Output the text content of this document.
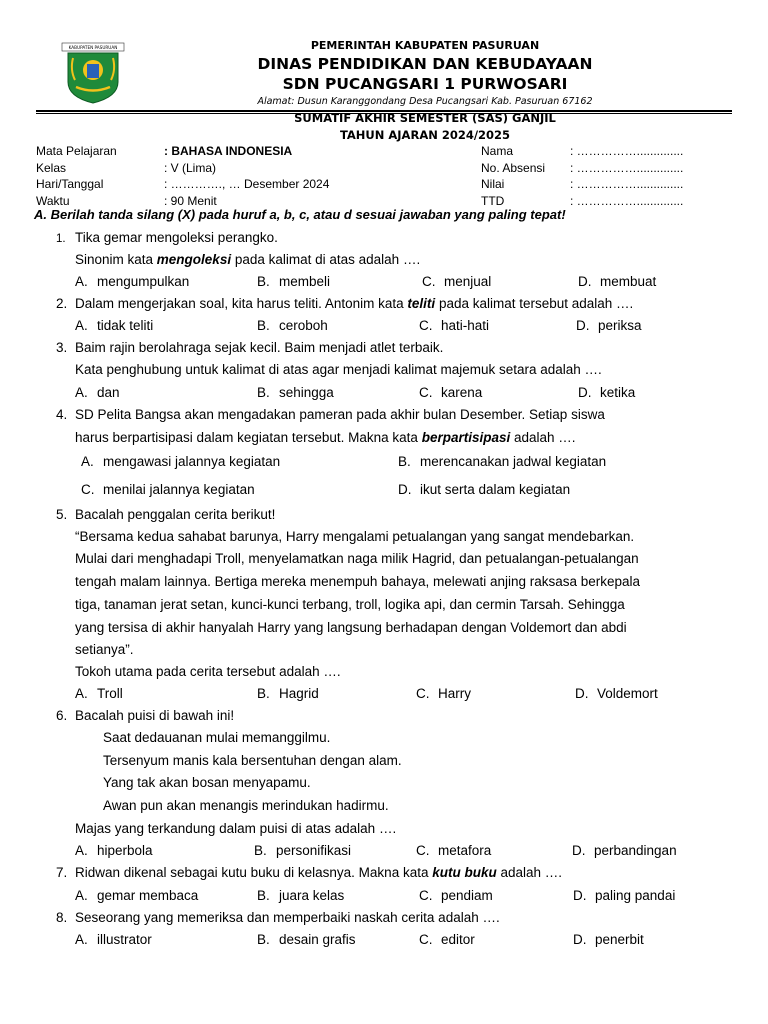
KABUPATEN PASURUAN	PEMERINTAH KABUPATEN PASURUAN
DINAS PENDIDIKAN DAN KEBUDAYAAN
SDN PUCANGSARI 1 PURWOSARI
Alamat: Dusun Karanggondang Desa Pucangsari Kab. Pasuruan 67162
SUMATIF AKHIR SEMESTER (SAS) GANJIL
TAHUN AJARAN 2024/2025
Mata Pelajaran	: BAHASA INDONESIA	Nama	: ……………..............
Kelas	: V (Lima)	No. Absensi : ……………..............
Hari/Tanggal	: …………., … Desember 2024	Nilai	: ……………..............
Waktu	: 90 Menit	TTD	: ……………..............
A. Berilah tanda silang (X) pada huruf a, b, c, atau d sesuai jawaban yang paling tepat!
1. Tika gemar mengoleksi perangko.
Sinonim kata mengoleksi pada kalimat di atas adalah ….
A. mengumpulkan	B. membeli	C. menjual	D. membuat
2. Dalam mengerjakan soal, kita harus teliti. Antonim kata teliti pada kalimat tersebut adalah ….
A. tidak teliti	B. ceroboh	C. hati-hati	D. periksa
3. Baim rajin berolahraga sejak kecil. Baim menjadi atlet terbaik.
Kata penghubung untuk kalimat di atas agar menjadi kalimat majemuk setara adalah ….
A. dan	B. sehingga	C. karena	D. ketika
4. SD Pelita Bangsa akan mengadakan pameran pada akhir bulan Desember. Setiap siswa
harus berpartisipasi dalam kegiatan tersebut. Makna kata berpartisipasi adalah ….
A. mengawasi jalannya kegiatan	B. merencanakan jadwal kegiatan
C. menilai jalannya kegiatan	D. ikut serta dalam kegiatan
5. Bacalah penggalan cerita berikut!
“Bersama kedua sahabat barunya, Harry mengalami petualangan yang sangat mendebarkan.
Mulai dari menghadapi Troll, menyelamatkan naga milik Hagrid, dan petualangan-petualangan
tengah malam lainnya. Bertiga mereka menempuh bahaya, melewati anjing raksasa berkepala
tiga, tanaman jerat setan, kunci-kunci terbang, troll, logika api, dan cermin Tarsah. Sehingga
yang tersisa di akhir hanyalah Harry yang langsung berhadapan dengan Voldemort dan abdi
setianya”.
Tokoh utama pada cerita tersebut adalah ….
A. Troll	B. Hagrid	C. Harry	D. Voldemort
6. Bacalah puisi di bawah ini!
Saat dedauanan mulai memanggilmu.
Tersenyum manis kala bersentuhan dengan alam.
Yang tak akan bosan menyapamu.
Awan pun akan menangis merindukan hadirmu.
Majas yang terkandung dalam puisi di atas adalah ….
A. hiperbola	B. personifikasi	C. metafora	D. perbandingan
7. Ridwan dikenal sebagai kutu buku di kelasnya. Makna kata kutu buku adalah ….
A. gemar membaca	B. juara kelas	C. pendiam	D. paling pandai
8. Seseorang yang memeriksa dan memperbaiki naskah cerita adalah ….
A. illustrator	B. desain grafis	C. editor	D. penerbit
